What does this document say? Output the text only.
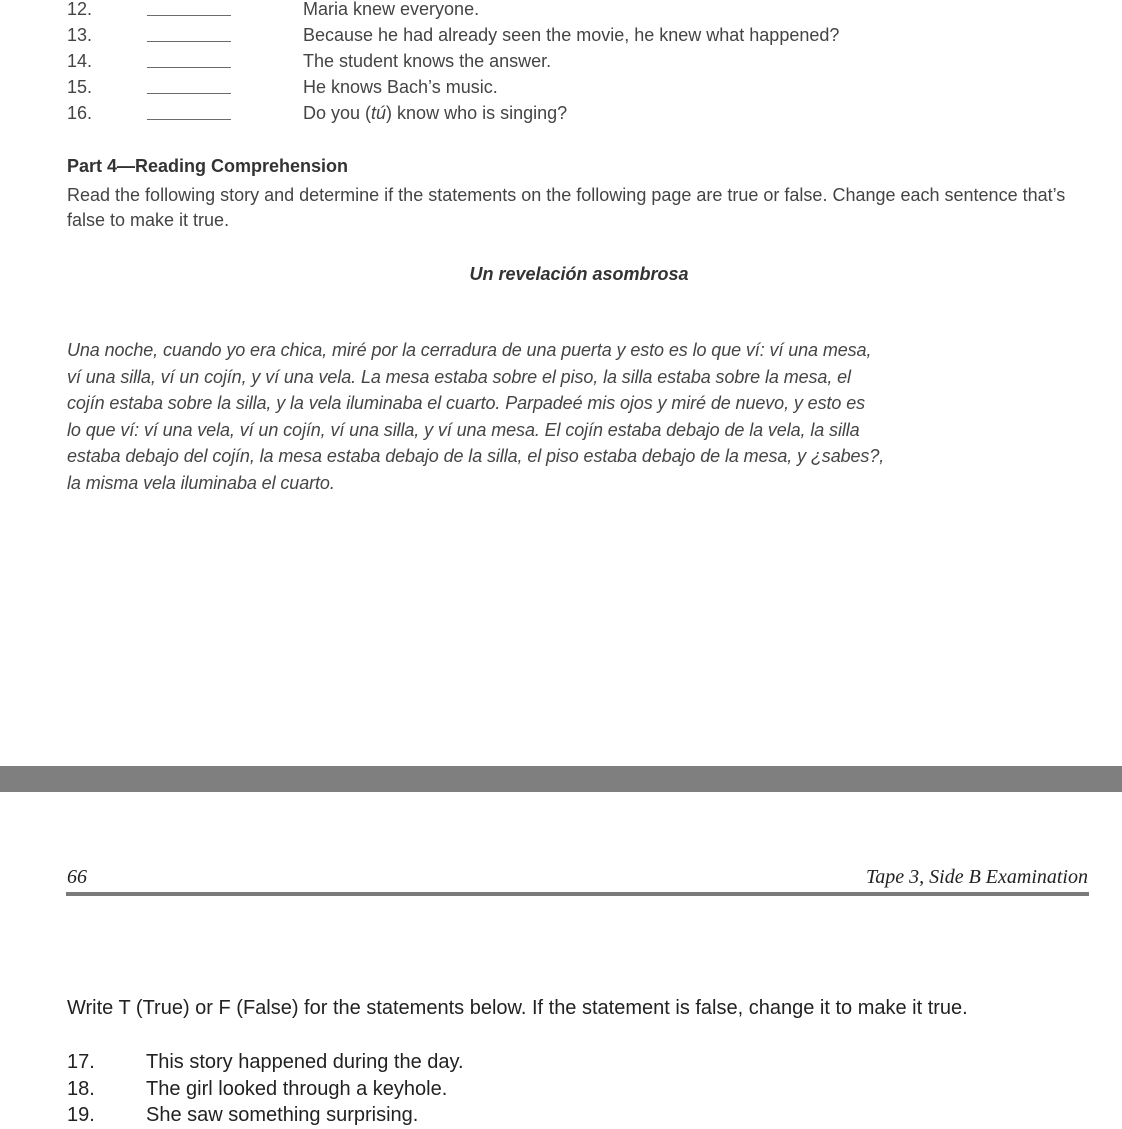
12.	Maria knew everyone.
13.	Because he had already seen the movie, he knew what happened?
14.	The student knows the answer.
15.	He knows Bach’s music.
16.	Do you (tú) know who is singing?
Part 4—Reading Comprehension
Read the following story and determine if the statements on the following page are true or false. Change each sentence that’s false to make it true.
Un revelación asombrosa
Una noche, cuando yo era chica, miré por la cerradura de una puerta y esto es lo que ví: ví una mesa,
ví una silla, ví un cojín, y ví una vela. La mesa estaba sobre el piso, la silla estaba sobre la mesa, el
cojín estaba sobre la silla, y la vela iluminaba el cuarto. Parpadeé mis ojos y miré de nuevo, y esto es
lo que ví: ví una vela, ví un cojín, ví una silla, y ví una mesa. El cojín estaba debajo de la vela, la silla
estaba debajo del cojín, la mesa estaba debajo de la silla, el piso estaba debajo de la mesa, y ¿sabes?,
la misma vela iluminaba el cuarto.
66	Tape 3, Side B Examination
Write T (True) or F (False) for the statements below. If the statement is false, change it to make it true.
17.	This story happened during the day.
18.	The girl looked through a keyhole.
19.	She saw something surprising.
